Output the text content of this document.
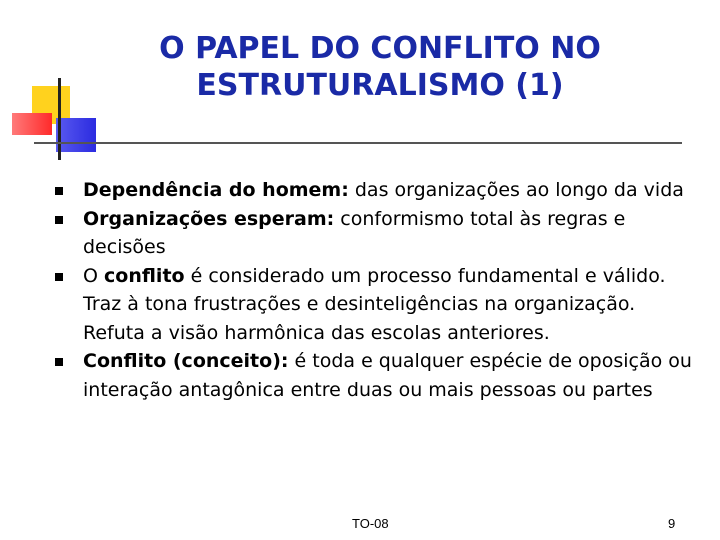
O PAPEL DO CONFLITO NO
ESTRUTURALISMO (1)
Dependência do homem: das organizações ao longo da vida
Organizações esperam: conformismo total às regras e decisões
O conflito é considerado um processo fundamental e válido. Traz à tona frustrações e desinteligências na organização. Refuta a visão harmônica das escolas anteriores.
Conflito (conceito): é toda e qualquer espécie de oposição ou interação antagônica entre duas ou mais pessoas ou partes
TO-08	9
